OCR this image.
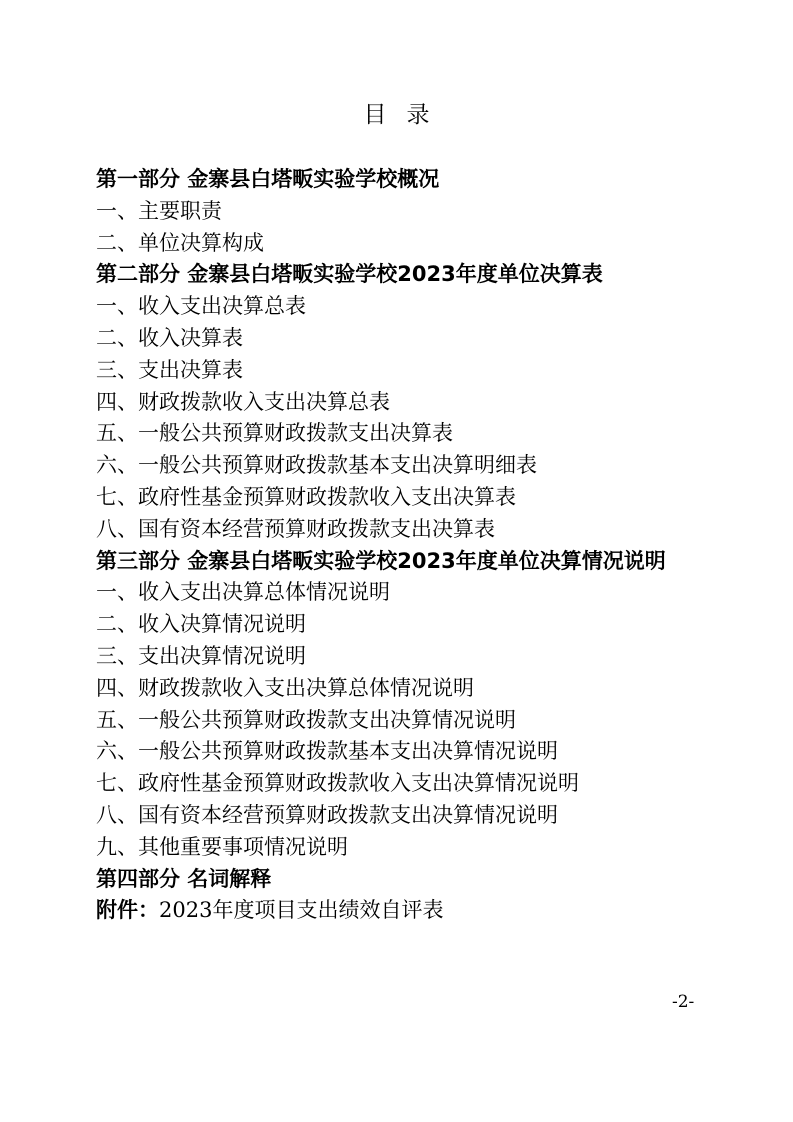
目录
第一部分 金寨县白塔畈实验学校概况
一、主要职责
二、单位决算构成
第二部分 金寨县白塔畈实验学校2023年度单位决算表
一、收入支出决算总表
二、收入决算表
三、支出决算表
四、财政拨款收入支出决算总表
五、一般公共预算财政拨款支出决算表
六、一般公共预算财政拨款基本支出决算明细表
七、政府性基金预算财政拨款收入支出决算表
八、国有资本经营预算财政拨款支出决算表
第三部分 金寨县白塔畈实验学校2023年度单位决算情况说明
一、收入支出决算总体情况说明
二、收入决算情况说明
三、支出决算情况说明
四、财政拨款收入支出决算总体情况说明
五、一般公共预算财政拨款支出决算情况说明
六、一般公共预算财政拨款基本支出决算情况说明
七、政府性基金预算财政拨款收入支出决算情况说明
八、国有资本经营预算财政拨款支出决算情况说明
九、其他重要事项情况说明
第四部分 名词解释
附件：2023年度项目支出绩效自评表
-2-
